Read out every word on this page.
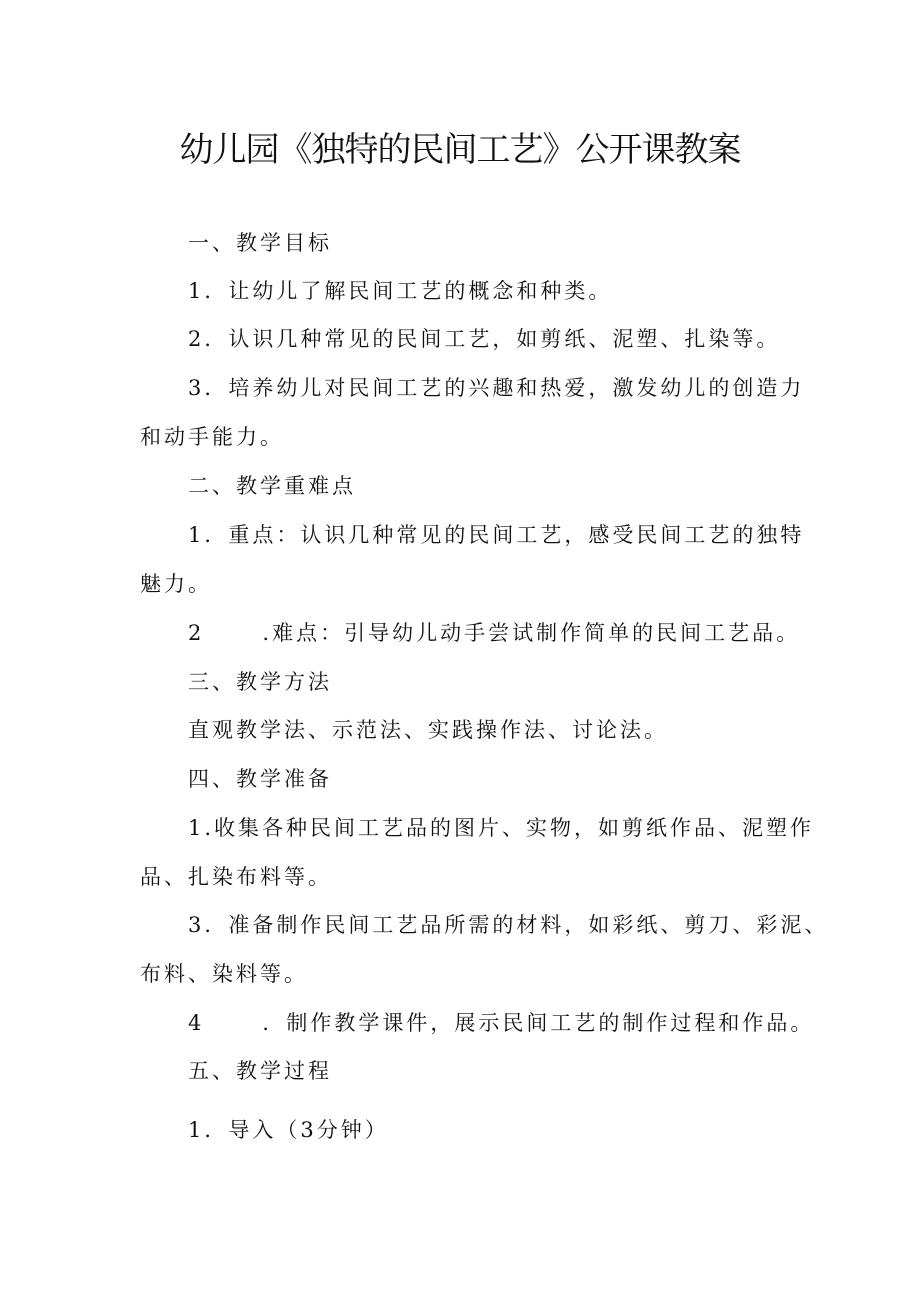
幼儿园《独特的民间工艺》公开课教案
一、教学目标
1．让幼儿了解民间工艺的概念和种类。
2．认识几种常见的民间工艺，如剪纸、泥塑、扎染等。
3．培养幼儿对民间工艺的兴趣和热爱，激发幼儿的创造力
和动手能力。
二、教学重难点
1．重点：认识几种常见的民间工艺，感受民间工艺的独特
魅力。
2      .难点：引导幼儿动手尝试制作简单的民间工艺品。
三、教学方法
直观教学法、示范法、实践操作法、讨论法。
四、教学准备
1.收集各种民间工艺品的图片、实物，如剪纸作品、泥塑作
品、扎染布料等。
3．准备制作民间工艺品所需的材料，如彩纸、剪刀、彩泥、
布料、染料等。
4      ．制作教学课件，展示民间工艺的制作过程和作品。
五、教学过程
1．导入（3分钟）
